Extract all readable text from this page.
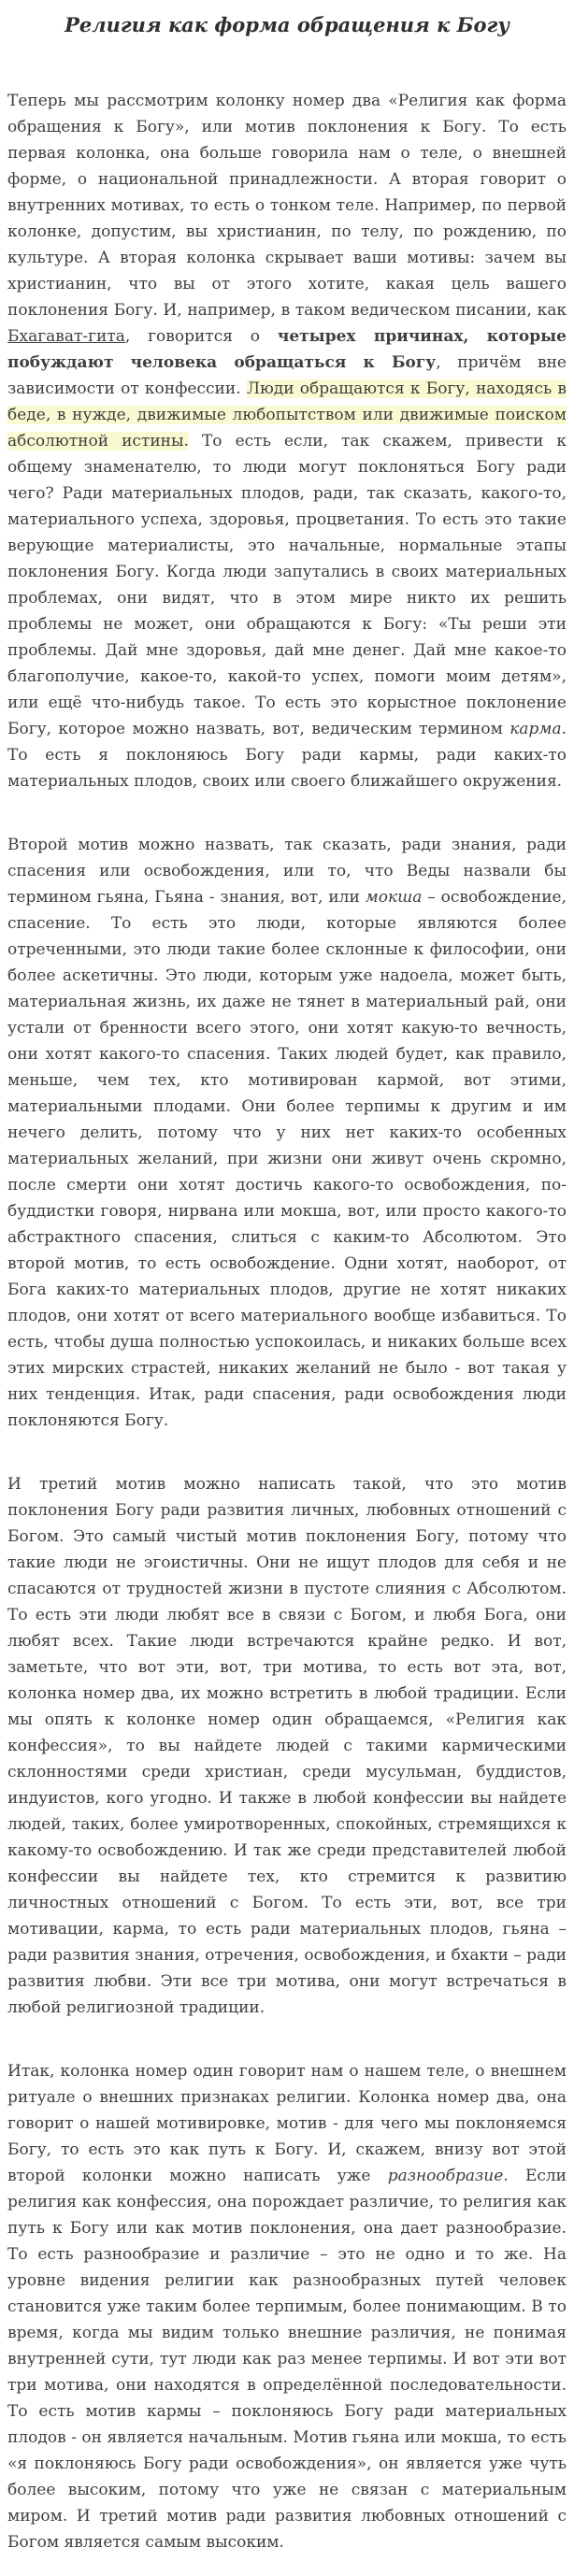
Религия как форма обращения к Богу

Теперь мы рассмотрим колонку номер два «Религия как форма обращения к Богу», или мотив поклонения к Богу. То есть первая колонка, она больше говорила нам о теле, о внешней форме, о национальной принадлежности. А вторая говорит о внутренних мотивах, то есть о тонком теле. Например, по первой колонке, допустим, вы христианин, по телу, по рождению, по культуре. А вторая колонка скрывает ваши мотивы: зачем вы христианин, что вы от этого хотите, какая цель вашего поклонения Богу. И, например, в таком ведическом писании, как Бхагават-гита, говорится о четырех причинах, которые побуждают человека обращаться к Богу, причём вне зависимости от конфессии. Люди обращаются к Богу, находясь в беде, в нужде, движимые любопытством или движимые поиском абсолютной истины. То есть если, так скажем, привести к общему знаменателю, то люди могут поклоняться Богу ради чего? Ради материальных плодов, ради, так сказать, какого-то, материального успеха, здоровья, процветания. То есть это такие верующие материалисты, это начальные, нормальные этапы поклонения Богу. Когда люди запутались в своих материальных проблемах, они видят, что в этом мире никто их решить проблемы не может, они обращаются к Богу: «Ты реши эти проблемы. Дай мне здоровья, дай мне денег. Дай мне какое-то благополучие, какое-то, какой-то успех, помоги моим детям», или ещё что-нибудь такое. То есть это корыстное поклонение Богу, которое можно назвать, вот, ведическим термином карма. То есть я поклоняюсь Богу ради кармы, ради каких-то материальных плодов, своих или своего ближайшего окружения.

Второй мотив можно назвать, так сказать, ради знания, ради спасения или освобождения, или то, что Веды назвали бы термином гьяна, Гьяна - знания, вот, или мокша – освобождение, спасение. То есть это люди, которые являются более отреченными, это люди такие более склонные к философии, они более аскетичны. Это люди, которым уже надоела, может быть, материальная жизнь, их даже не тянет в материальный рай, они устали от бренности всего этого, они хотят какую-то вечность, они хотят какого-то спасения. Таких людей будет, как правило, меньше, чем тех, кто мотивирован кармой, вот этими, материальными плодами. Они более терпимы к другим и им нечего делить, потому что у них нет каких-то особенных материальных желаний, при жизни они живут очень скромно, после смерти они хотят достичь какого-то освобождения, по-буддистки говоря, нирвана или мокша, вот, или просто какого-то абстрактного спасения, слиться с каким-то Абсолютом. Это второй мотив, то есть освобождение. Одни хотят, наоборот, от Бога каких-то материальных плодов, другие не хотят никаких плодов, они хотят от всего материального вообще избавиться. То есть, чтобы душа полностью успокоилась, и никаких больше всех этих мирских страстей, никаких желаний не было - вот такая у них тенденция. Итак, ради спасения, ради освобождения люди поклоняются Богу.

И третий мотив можно написать такой, что это мотив поклонения Богу ради развития личных, любовных отношений с Богом. Это самый чистый мотив поклонения Богу, потому что такие люди не эгоистичны. Они не ищут плодов для себя и не спасаются от трудностей жизни в пустоте слияния с Абсолютом. То есть эти люди любят все в связи с Богом, и любя Бога, они любят всех. Такие люди встречаются крайне редко. И вот, заметьте, что вот эти, вот, три мотива, то есть вот эта, вот, колонка номер два, их можно встретить в любой традиции. Если мы опять к колонке номер один обращаемся, «Религия как конфессия», то вы найдете людей с такими кармическими склонностями среди христиан, среди мусульман, буддистов, индуистов, кого угодно. И также в любой конфессии вы найдете людей, таких, более умиротворенных, спокойных, стремящихся к какому-то освобождению. И так же среди представителей любой конфессии вы найдете тех, кто стремится к развитию личностных отношений с Богом. То есть эти, вот, все три мотивации, карма, то есть ради материальных плодов, гьяна – ради развития знания, отречения, освобождения, и бхакти – ради развития любви. Эти все три мотива, они могут встречаться в любой религиозной традиции.

Итак, колонка номер один говорит нам о нашем теле, о внешнем ритуале о внешних признаках религии. Колонка номер два, она говорит о нашей мотивировке, мотив - для чего мы поклоняемся Богу, то есть это как путь к Богу. И, скажем, внизу вот этой второй колонки можно написать уже разнообразие. Если религия как конфессия, она порождает различие, то религия как путь к Богу или как мотив поклонения, она дает разнообразие. То есть разнообразие и различие – это не одно и то же. На уровне видения религии как разнообразных путей человек становится уже таким более терпимым, более понимающим. В то время, когда мы видим только внешние различия, не понимая внутренней сути, тут люди как раз менее терпимы. И вот эти вот три мотива, они находятся в определённой последовательности. То есть мотив кармы – поклоняюсь Богу ради материальных плодов - он является начальным. Мотив гьяна или мокша, то есть «я поклоняюсь Богу ради освобождения», он является уже чуть более высоким, потому что уже не связан с материальным миром. И третий мотив ради развития любовных отношений с Богом является самым высоким.
